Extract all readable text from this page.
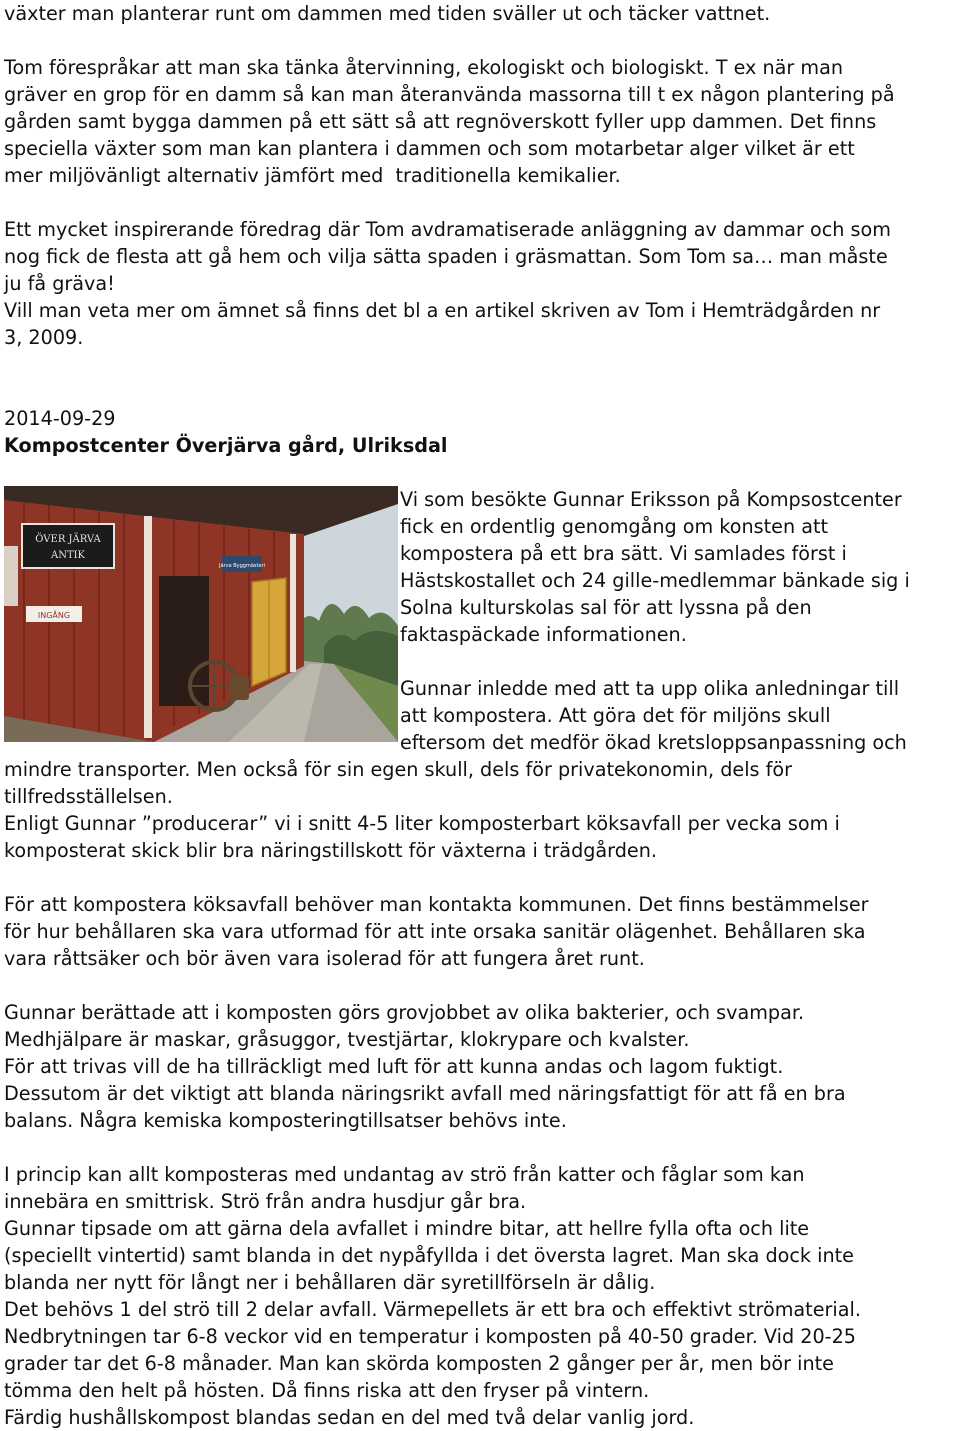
växter man planterar runt om dammen med tiden sväller ut och täcker vattnet.
Tom förespråkar att man ska tänka återvinning, ekologiskt och biologiskt. T ex när man
gräver en grop för en damm så kan man återanvända massorna till t ex någon plantering på
gården samt bygga dammen på ett sätt så att regnöverskott fyller upp dammen. Det finns
speciella växter som man kan plantera i dammen och som motarbetar alger vilket är ett
mer miljövänligt alternativ jämfört med  traditionella kemikalier.
Ett mycket inspirerande föredrag där Tom avdramatiserade anläggning av dammar och som
nog fick de flesta att gå hem och vilja sätta spaden i gräsmattan. Som Tom sa… man måste
ju få gräva!
Vill man veta mer om ämnet så finns det bl a en artikel skriven av Tom i Hemträdgården nr
3, 2009.
2014-09-29
Kompostcenter Överjärva gård, Ulriksdal
Vi som besökte Gunnar Eriksson på Kompsostcenter
fick en ordentlig genomgång om konsten att
kompostera på ett bra sätt. Vi samlades först i
Hästskostallet och 24 gille-medlemmar bänkade sig i
Solna kulturskolas sal för att lyssna på den
faktaspäckade informationen.
Gunnar inledde med att ta upp olika anledningar till
att kompostera. Att göra det för miljöns skull
eftersom det medför ökad kretsloppsanpassning och
mindre transporter. Men också för sin egen skull, dels för privatekonomin, dels för
tillfredsställelsen.
Enligt Gunnar ”producerar” vi i snitt 4-5 liter komposterbart köksavfall per vecka som i
komposterat skick blir bra näringstillskott för växterna i trädgården.
För att kompostera köksavfall behöver man kontakta kommunen. Det finns bestämmelser
för hur behållaren ska vara utformad för att inte orsaka sanitär olägenhet. Behållaren ska
vara råttsäker och bör även vara isolerad för att fungera året runt.
Gunnar berättade att i komposten görs grovjobbet av olika bakterier, och svampar.
Medhjälpare är maskar, gråsuggor, tvestjärtar, klokrypare och kvalster.
För att trivas vill de ha tillräckligt med luft för att kunna andas och lagom fuktigt.
Dessutom är det viktigt att blanda näringsrikt avfall med näringsfattigt för att få en bra
balans. Några kemiska komposteringtillsatser behövs inte.
I princip kan allt komposteras med undantag av strö från katter och fåglar som kan
innebära en smittrisk. Strö från andra husdjur går bra.
Gunnar tipsade om att gärna dela avfallet i mindre bitar, att hellre fylla ofta och lite
(speciellt vintertid) samt blanda in det nypåfyllda i det översta lagret. Man ska dock inte
blanda ner nytt för långt ner i behållaren där syretillförseln är dålig.
Det behövs 1 del strö till 2 delar avfall. Värmepellets är ett bra och effektivt strömaterial.
Nedbrytningen tar 6-8 veckor vid en temperatur i komposten på 40-50 grader. Vid 20-25
grader tar det 6-8 månader. Man kan skörda komposten 2 gånger per år, men bör inte
tömma den helt på hösten. Då finns riska att den fryser på vintern.
Färdig hushållskompost blandas sedan en del med två delar vanlig jord.
ÖVER JÄRVA
ANTIK
INGÅNG
Järva Byggmästeri
